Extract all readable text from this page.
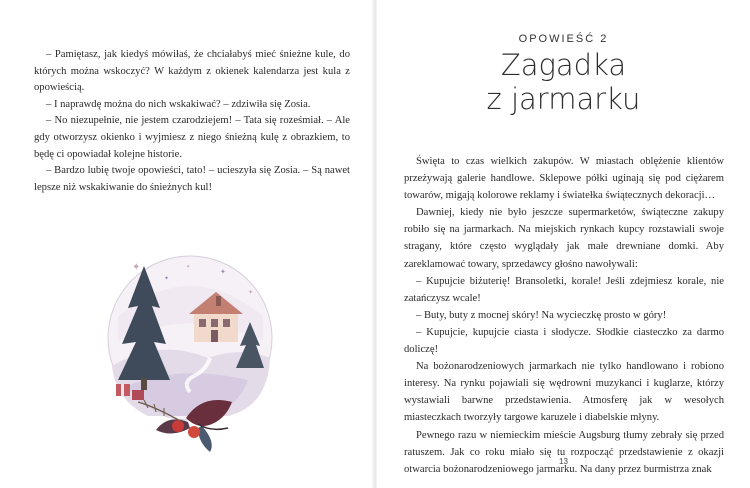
– Pamiętasz, jak kiedyś mówiłaś, że chciałabyś mieć śnieżne kule, do których można wskoczyć? W każdym z okienek kalendarza jest kula z opowieścią.

– I naprawdę można do nich wskakiwać? – zdziwiła się Zosia.

– No niezupełnie, nie jestem czarodziejem! – Tata się roześmiał. – Ale gdy otworzysz okienko i wyjmiesz z niego śnieżną kulę z obrazkiem, to będę ci opowiadał kolejne historie.

– Bardzo lubię twoje opowieści, tato! – ucieszyła się Zosia. – Są nawet lepsze niż wskakiwanie do śnieżnych kul!

✦
✦
✦
✦
✦
OPOWIEŚĆ 2
Zagadka
z jarmarku

Święta to czas wielkich zakupów. W miastach oblężenie klientów przeżywają galerie handlowe. Sklepowe półki uginają się pod ciężarem towarów, migają kolorowe reklamy i światełka świątecznych dekoracji…

Dawniej, kiedy nie było jeszcze supermarketów, świąteczne zakupy robiło się na jarmarkach. Na miejskich rynkach kupcy rozstawiali swoje stragany, które często wyglądały jak małe drewniane domki. Aby zareklamować towary, sprzedawcy głośno nawoływali:

– Kupujcie biżuterię! Bransoletki, korale! Jeśli zdejmiesz korale, nie zatańczysz wcale!

– Buty, buty z mocnej skóry! Na wycieczkę prosto w góry!

– Kupujcie, kupujcie ciasta i słodycze. Słodkie ciasteczko za darmo doliczę!

Na bożonarodzeniowych jarmarkach nie tylko handlowano i robiono interesy. Na rynku pojawiali się wędrowni muzykanci i kuglarze, którzy wystawiali barwne przedstawienia. Atmosferę jak w wesołych miasteczkach tworzyły targowe karuzele i diabelskie młyny.

Pewnego razu w niemieckim mieście Augsburg tłumy zebrały się przed ratuszem. Jak co roku miało się tu rozpocząć przedstawienie z okazji otwarcia bożonarodzeniowego jarmarku. Na dany przez burmistrza znak

13
